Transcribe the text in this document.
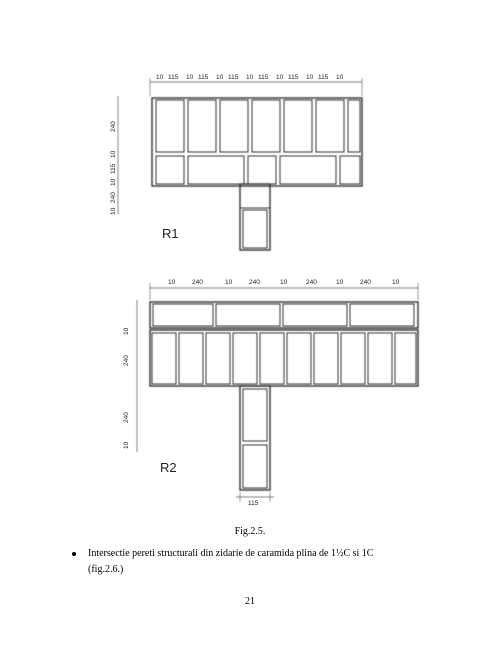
10 115 10 115 10 115 10 115 10 115 10 115 10
240
10
115
10
240
10
R1
10	240	10	240	10	240	10	240	10
10
240
240
10
115
R2
Fig.2.5.
Intersectie pereti structurali din zidarie de caramida plina de 1½C si 1C
(fig.2.6.)
21
